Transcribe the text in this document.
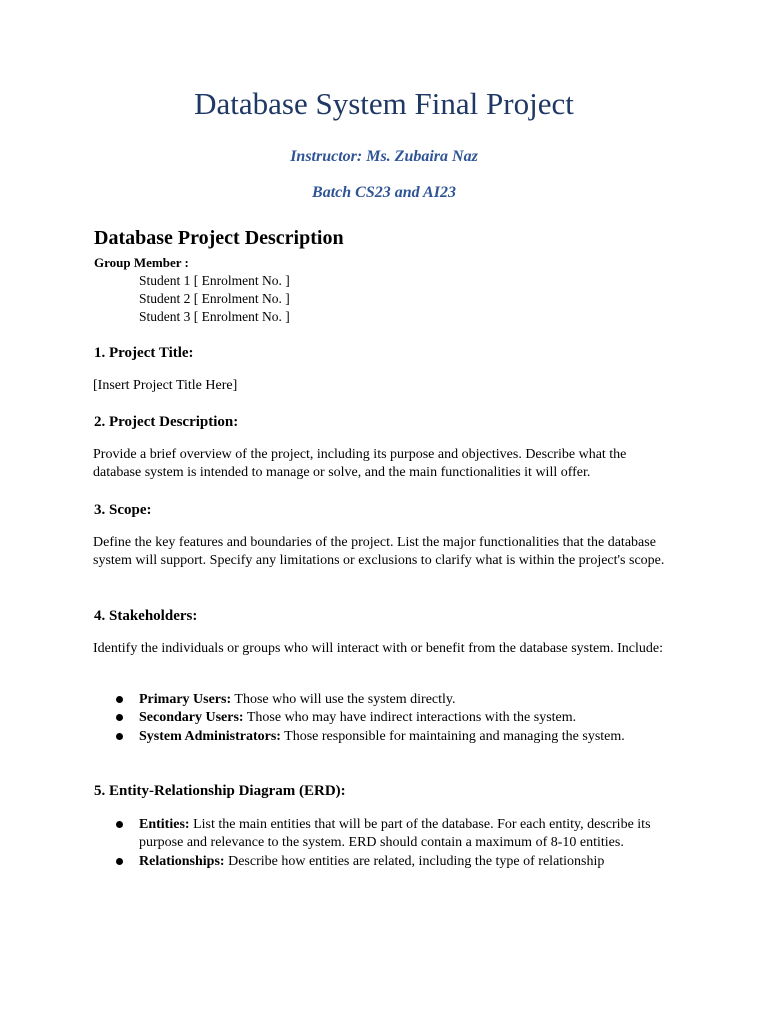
Database System Final Project
Instructor: Ms. Zubaira Naz
Batch CS23 and AI23
Database Project Description
Group Member :
Student 1 [ Enrolment No. ]
Student 2 [ Enrolment No. ]
Student 3 [ Enrolment No. ]
1. Project Title:
[Insert Project Title Here]
2. Project Description:
Provide a brief overview of the project, including its purpose and objectives. Describe what the database system is intended to manage or solve, and the main functionalities it will offer.
3. Scope:
Define the key features and boundaries of the project. List the major functionalities that the database system will support. Specify any limitations or exclusions to clarify what is within the project's scope.
4. Stakeholders:
Identify the individuals or groups who will interact with or benefit from the database system. Include:
Primary Users: Those who will use the system directly.
Secondary Users: Those who may have indirect interactions with the system.
System Administrators: Those responsible for maintaining and managing the system.
5. Entity-Relationship Diagram (ERD):
Entities: List the main entities that will be part of the database. For each entity, describe its purpose and relevance to the system. ERD should contain a maximum of 8-10 entities.
Relationships: Describe how entities are related, including the type of relationship
